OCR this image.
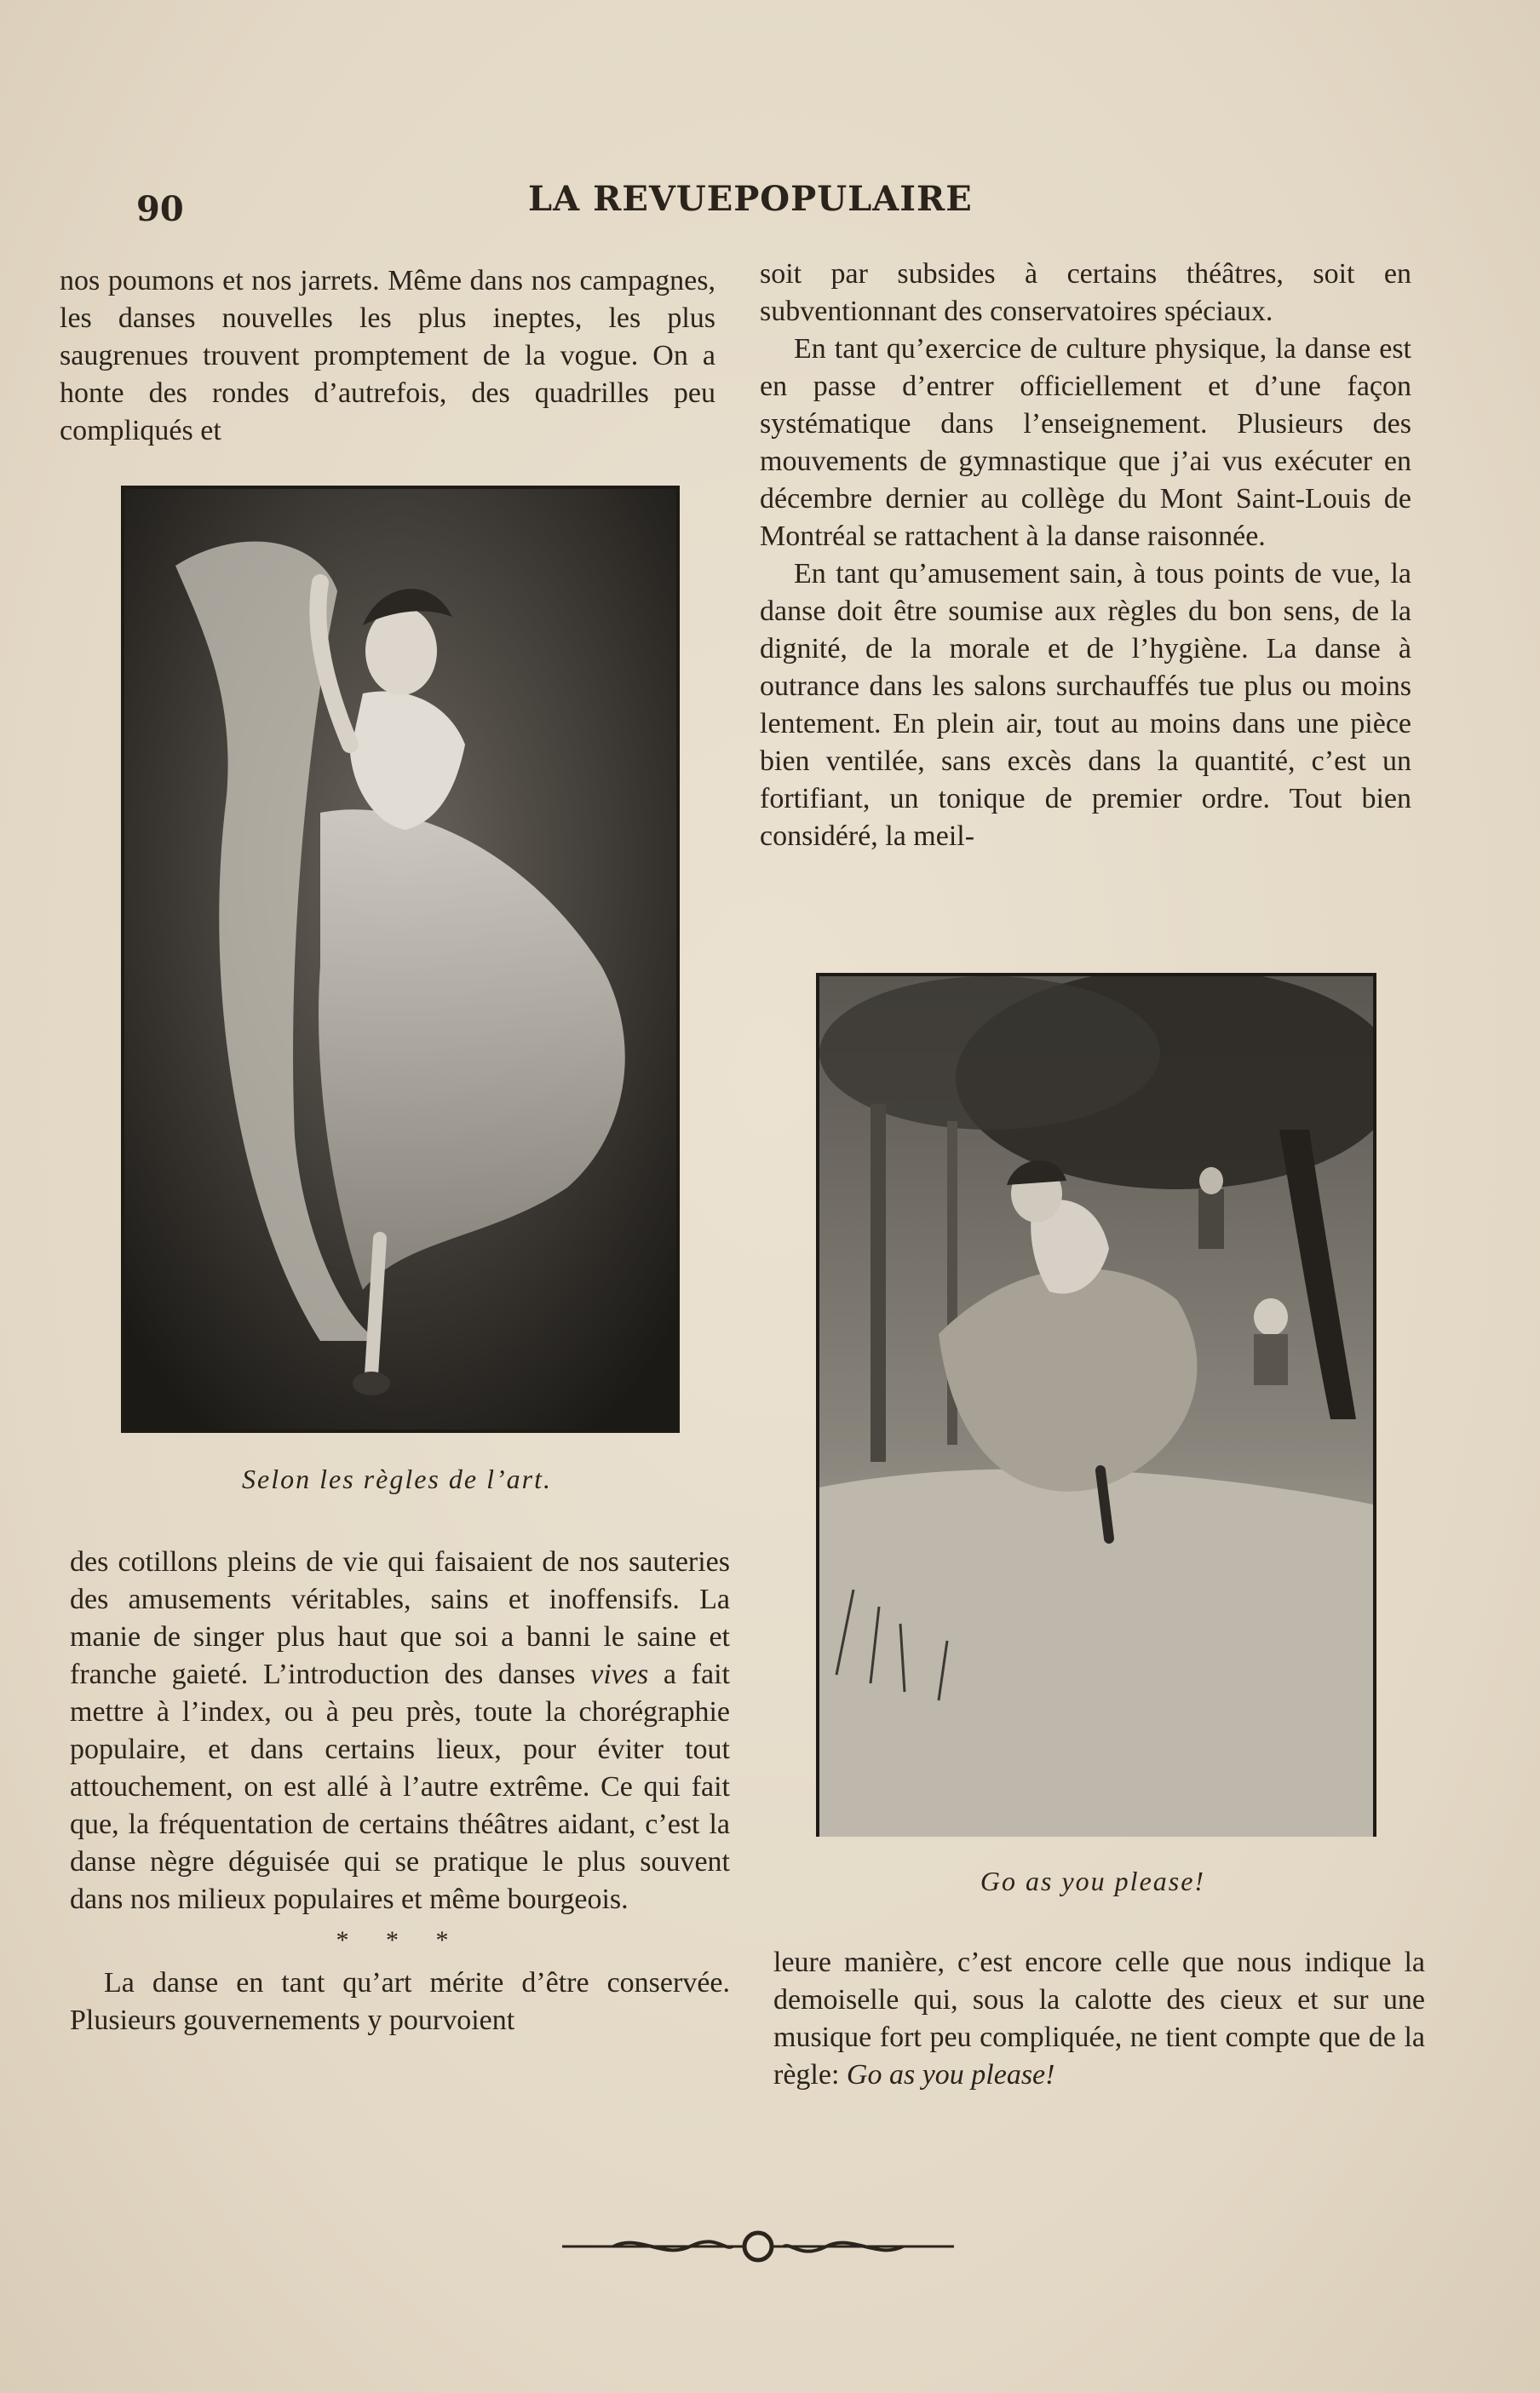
90	LA REVUEPOPULAIRE

nos poumons et nos jarrets. Même dans nos campagnes, les danses nouvelles les plus ineptes, les plus saugrenues trouvent promptement de la vogue. On a honte des rondes d’autrefois, des quadrilles peu compliqués et

Selon les règles de l’art.

des cotillons pleins de vie qui faisaient de nos sauteries des amusements véritables, sains et inoffensifs. La manie de singer plus haut que soi a banni le saine et franche gaieté. L’introduction des danses vives a fait mettre à l’index, ou à peu près, toute la chorégraphie populaire, et dans certains lieux, pour éviter tout attouchement, on est allé à l’autre extrême. Ce qui fait que, la fréquentation de certains théâtres aidant, c’est la danse nègre déguisée qui se pratique le plus souvent dans nos milieux populaires et même bourgeois.

* * *

La danse en tant qu’art mérite d’être conservée. Plusieurs gouvernements y pourvoient

soit par subsides à certains théâtres, soit en subventionnant des conservatoires spéciaux.

En tant qu’exercice de culture physique, la danse est en passe d’entrer officiellement et d’une façon systématique dans l’enseignement. Plusieurs des mouvements de gymnastique que j’ai vus exécuter en décembre dernier au collège du Mont Saint-Louis de Montréal se rattachent à la danse raisonnée.

En tant qu’amusement sain, à tous points de vue, la danse doit être soumise aux règles du bon sens, de la dignité, de la morale et de l’hygiène. La danse à outrance dans les salons surchauffés tue plus ou moins lentement. En plein air, tout au moins dans une pièce bien ventilée, sans excès dans la quantité, c’est un fortifiant, un tonique de premier ordre. Tout bien considéré, la meil-

Go as you please!

leure manière, c’est encore celle que nous indique la demoiselle qui, sous la calotte des cieux et sur une musique fort peu compliquée, ne tient compte que de la règle: Go as you please!
